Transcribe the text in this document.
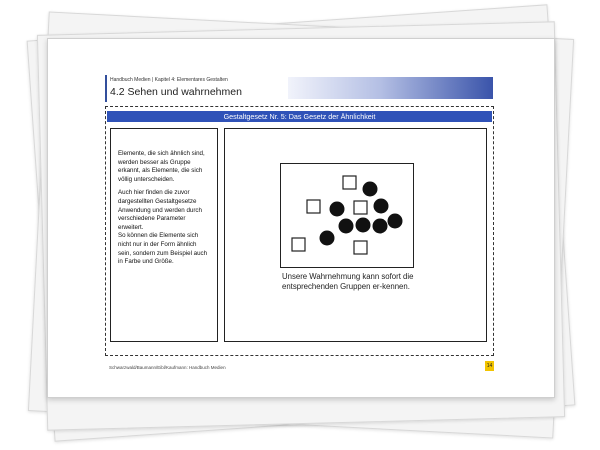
Handbuch Medien | Kapitel 4: Elementares Gestalten
4.2 Sehen und wahrnehmen
Gestaltgesetz Nr. 5: Das Gesetz der Ähnlichkeit

Elemente, die sich ähnlich sind, werden besser als Gruppe erkannt, als Elemente, die sich völlig unterscheiden.

Auch hier finden die zuvor dargestellten Gestaltgesetze Anwendung und werden durch verschiedene Parameter erweitert.

So können die Elemente sich nicht nur in der Form ähnlich sein, sondern zum Beispiel auch in Farbe und Größe.

Unsere Wahrnehmung kann sofort die entsprechenden Gruppen er-kennen.
Schwarzwald/Baumann/Eibl/Kaufmann: Handbuch Medien	14
